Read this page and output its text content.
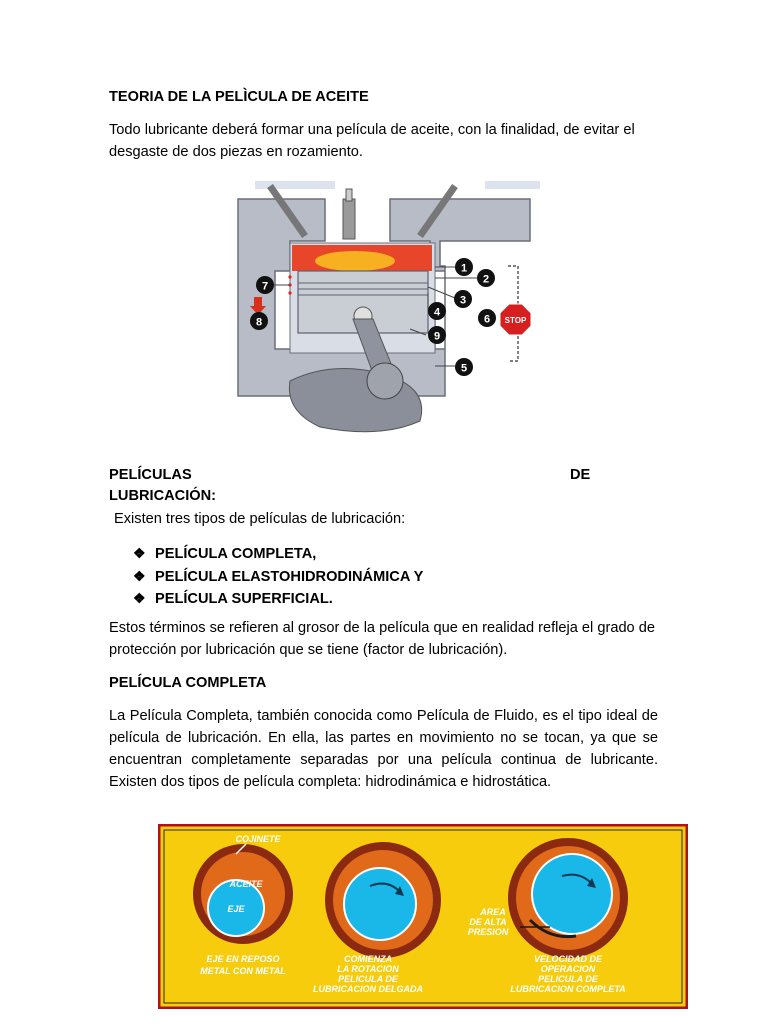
TEORIA DE LA PELÌCULA DE ACEITE
Todo lubricante deberá formar una película de aceite, con la finalidad, de evitar el desgaste de dos piezas en rozamiento.
STOP
1
2
3
4
5
6
7
8
9
PELÍCULAS	DE
LUBRICACIÓN:
Existen tres tipos de películas de lubricación:
❖ PELÍCULA COMPLETA,
❖ PELÍCULA ELASTOHIDRODINÁMICA Y
❖ PELÍCULA SUPERFICIAL.
Estos términos se refieren al grosor de la película que en realidad refleja el grado de protección por lubricación que se tiene (factor de lubricación).
PELÍCULA COMPLETA
La Película Completa, también conocida como Película de Fluido, es el tipo ideal de película de lubricación. En ella, las partes en movimiento no se tocan, ya que se encuentran completamente separadas por una película continua de lubricante. Existen dos tipos de película completa: hidrodinámica e hidrostática.
ACEITE
EJE
COJINETE
AREA
DE ALTA
PRESION
EJE EN REPOSO
METAL CON METAL
COMIENZA
LA ROTACION
PELICULA DE
LUBRICACION DELGADA
VELOCIDAD DE
OPERACION
PELICULA DE
LUBRICACION COMPLETA
